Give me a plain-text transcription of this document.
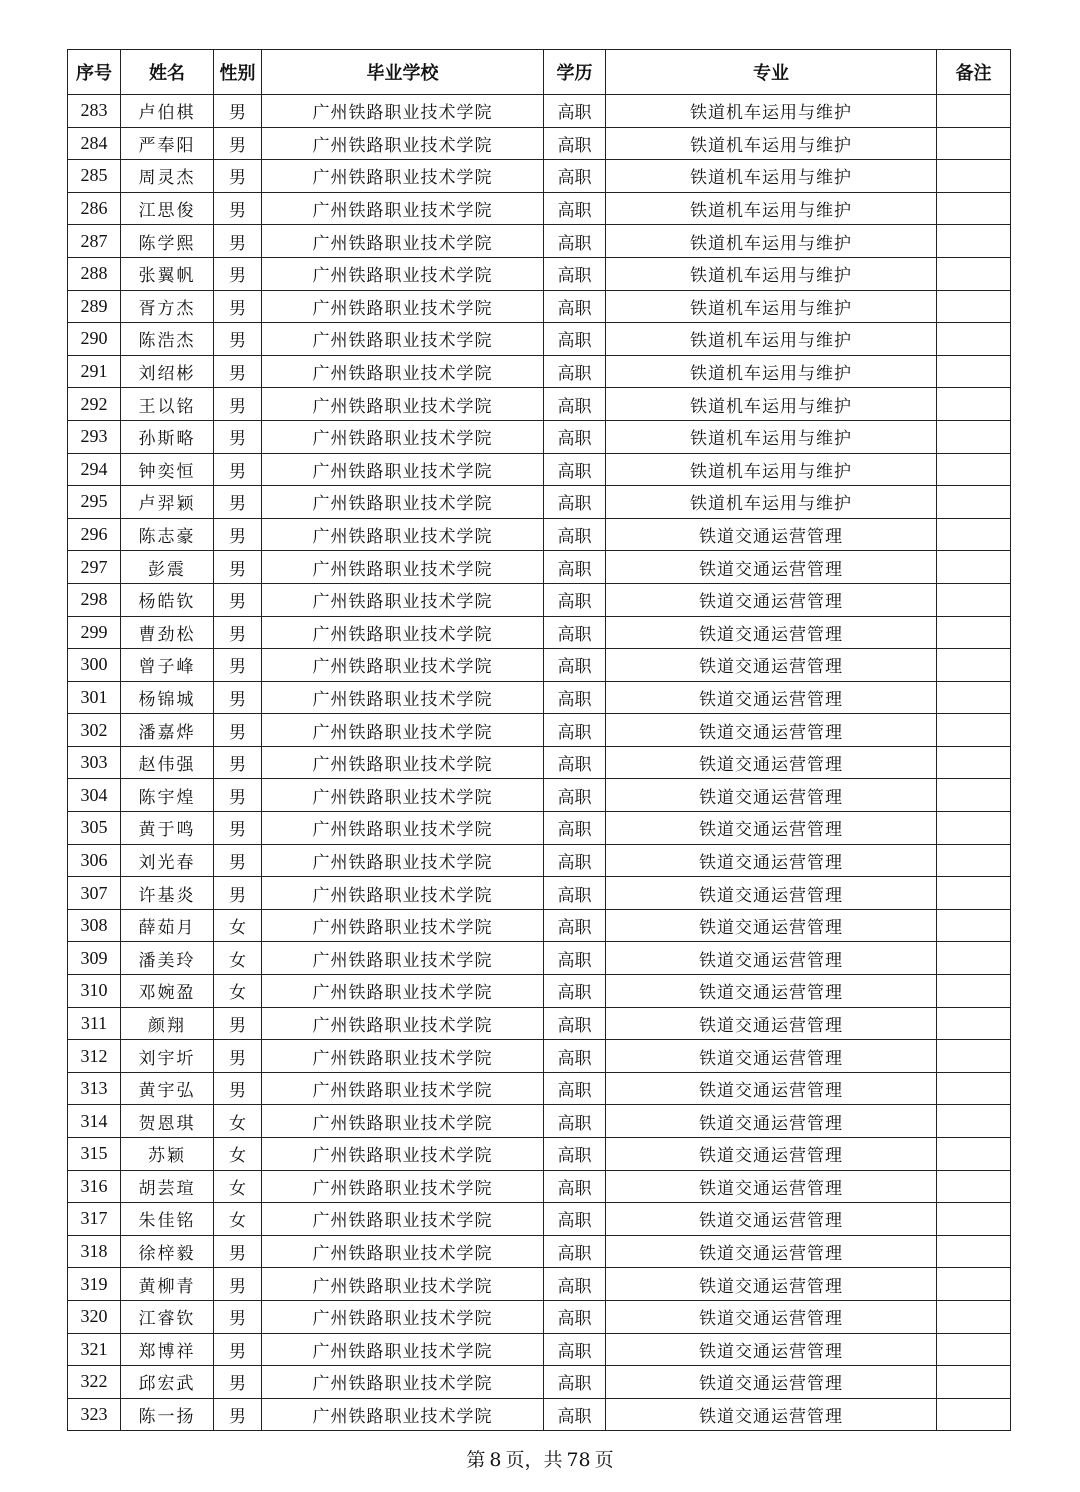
序号	姓名	性别	毕业学校	学历	专业	备注
283	卢伯棋	男	广州铁路职业技术学院	高职	铁道机车运用与维护	
284	严奉阳	男	广州铁路职业技术学院	高职	铁道机车运用与维护	
285	周灵杰	男	广州铁路职业技术学院	高职	铁道机车运用与维护	
286	江思俊	男	广州铁路职业技术学院	高职	铁道机车运用与维护	
287	陈学熙	男	广州铁路职业技术学院	高职	铁道机车运用与维护	
288	张翼帆	男	广州铁路职业技术学院	高职	铁道机车运用与维护	
289	胥方杰	男	广州铁路职业技术学院	高职	铁道机车运用与维护	
290	陈浩杰	男	广州铁路职业技术学院	高职	铁道机车运用与维护	
291	刘绍彬	男	广州铁路职业技术学院	高职	铁道机车运用与维护	
292	王以铭	男	广州铁路职业技术学院	高职	铁道机车运用与维护	
293	孙斯略	男	广州铁路职业技术学院	高职	铁道机车运用与维护	
294	钟奕恒	男	广州铁路职业技术学院	高职	铁道机车运用与维护	
295	卢羿颖	男	广州铁路职业技术学院	高职	铁道机车运用与维护	
296	陈志豪	男	广州铁路职业技术学院	高职	铁道交通运营管理	
297	彭震	男	广州铁路职业技术学院	高职	铁道交通运营管理	
298	杨皓钦	男	广州铁路职业技术学院	高职	铁道交通运营管理	
299	曹劲松	男	广州铁路职业技术学院	高职	铁道交通运营管理	
300	曾子峰	男	广州铁路职业技术学院	高职	铁道交通运营管理	
301	杨锦城	男	广州铁路职业技术学院	高职	铁道交通运营管理	
302	潘嘉烨	男	广州铁路职业技术学院	高职	铁道交通运营管理	
303	赵伟强	男	广州铁路职业技术学院	高职	铁道交通运营管理	
304	陈宇煌	男	广州铁路职业技术学院	高职	铁道交通运营管理	
305	黄于鸣	男	广州铁路职业技术学院	高职	铁道交通运营管理	
306	刘光春	男	广州铁路职业技术学院	高职	铁道交通运营管理	
307	许基炎	男	广州铁路职业技术学院	高职	铁道交通运营管理	
308	薛茹月	女	广州铁路职业技术学院	高职	铁道交通运营管理	
309	潘美玲	女	广州铁路职业技术学院	高职	铁道交通运营管理	
310	邓婉盈	女	广州铁路职业技术学院	高职	铁道交通运营管理	
311	颜翔	男	广州铁路职业技术学院	高职	铁道交通运营管理	
312	刘宇圻	男	广州铁路职业技术学院	高职	铁道交通运营管理	
313	黄宇弘	男	广州铁路职业技术学院	高职	铁道交通运营管理	
314	贺恩琪	女	广州铁路职业技术学院	高职	铁道交通运营管理	
315	苏颖	女	广州铁路职业技术学院	高职	铁道交通运营管理	
316	胡芸瑄	女	广州铁路职业技术学院	高职	铁道交通运营管理	
317	朱佳铭	女	广州铁路职业技术学院	高职	铁道交通运营管理	
318	徐梓毅	男	广州铁路职业技术学院	高职	铁道交通运营管理	
319	黄柳青	男	广州铁路职业技术学院	高职	铁道交通运营管理	
320	江睿钦	男	广州铁路职业技术学院	高职	铁道交通运营管理	
321	郑博祥	男	广州铁路职业技术学院	高职	铁道交通运营管理	
322	邱宏武	男	广州铁路职业技术学院	高职	铁道交通运营管理	
323	陈一扬	男	广州铁路职业技术学院	高职	铁道交通运营管理	
第 8 页，共 78 页
